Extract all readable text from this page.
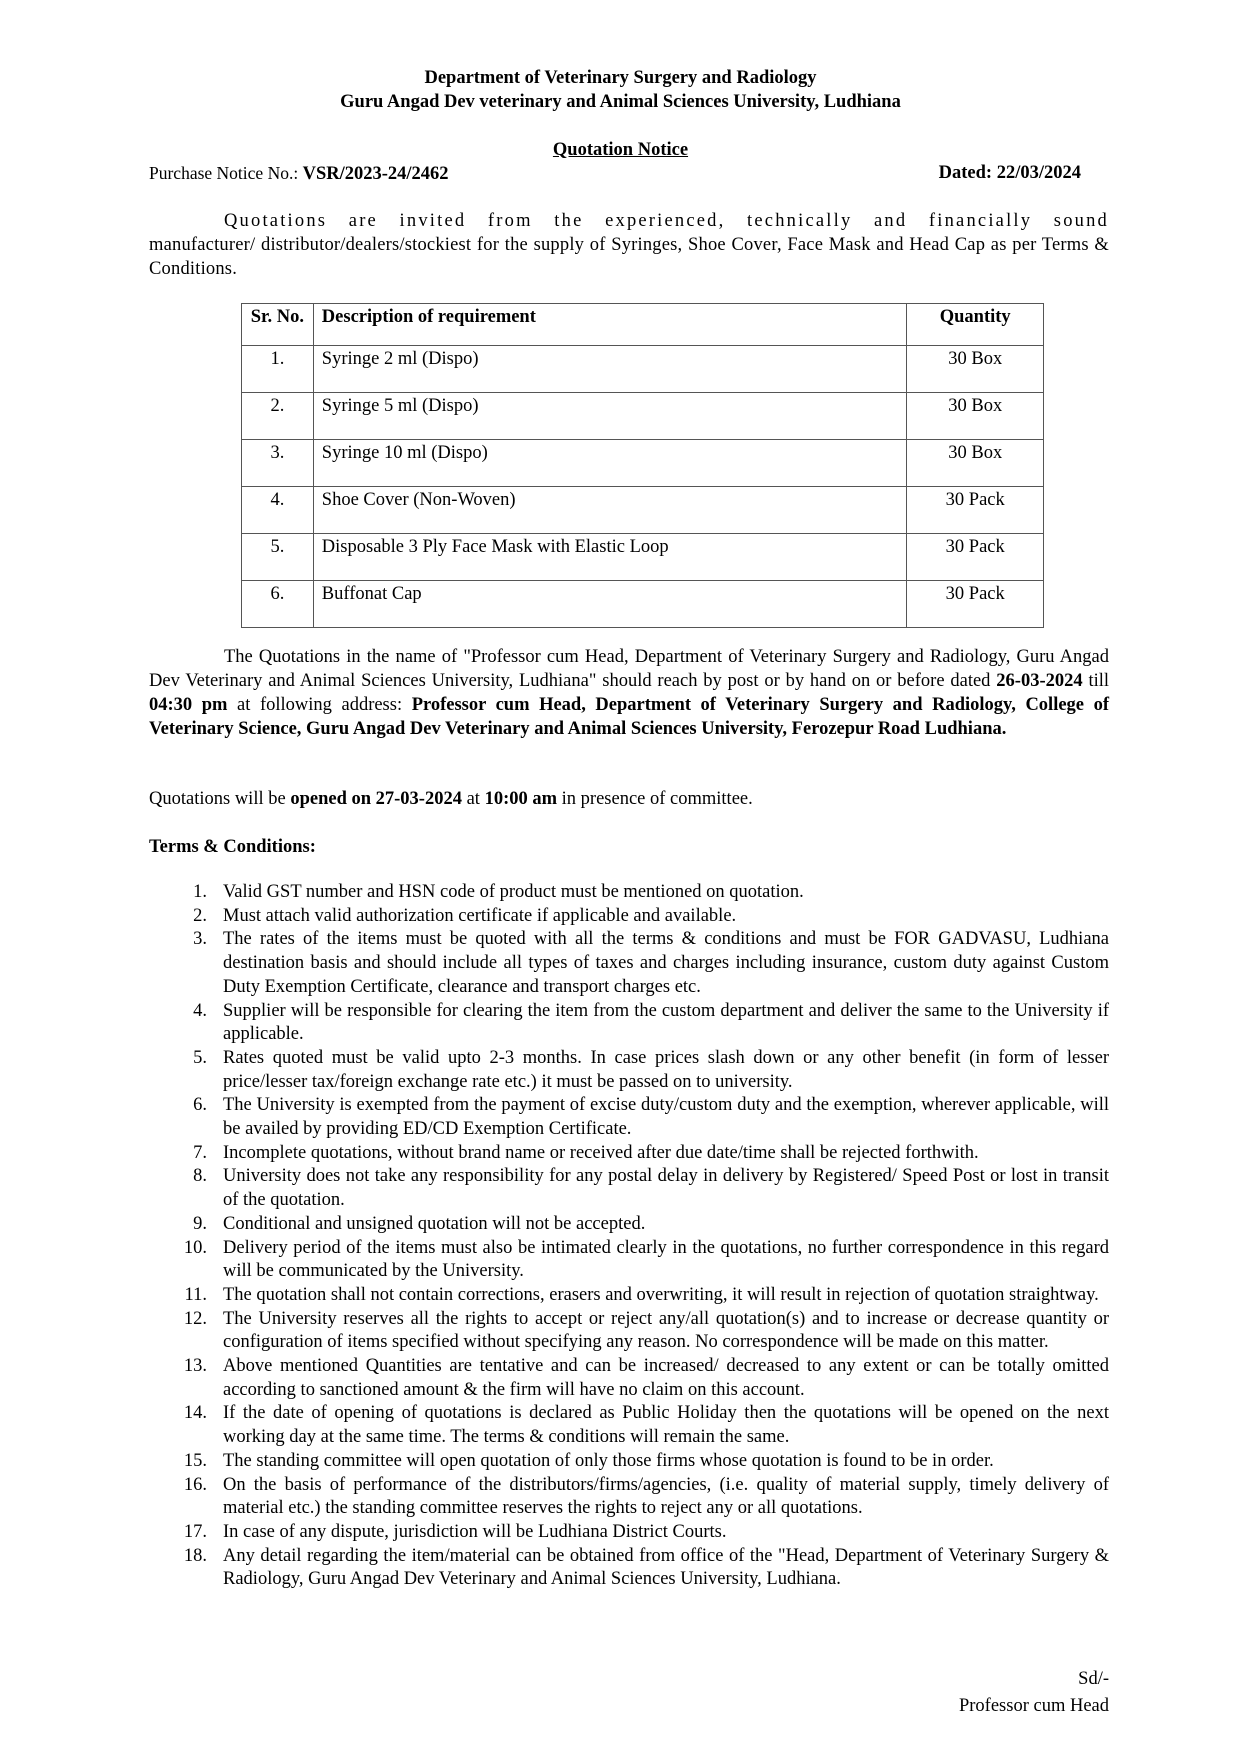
Department of Veterinary Surgery and Radiology
Guru Angad Dev veterinary and Animal Sciences University, Ludhiana
Quotation Notice
Purchase Notice No.: VSR/2023-24/2462	Dated: 22/03/2024
Quotations are invited from the experienced, technically and financially sound manufacturer/ distributor/dealers/stockiest for the supply of Syringes, Shoe Cover, Face Mask and Head Cap as per Terms & Conditions.
Sr. No.	Description of requirement	Quantity
1.	Syringe 2 ml (Dispo)	30 Box
2.	Syringe 5 ml (Dispo)	30 Box
3.	Syringe 10 ml (Dispo)	30 Box
4.	Shoe Cover (Non-Woven)	30 Pack
5.	Disposable 3 Ply Face Mask with Elastic Loop	30 Pack
6.	Buffonat Cap	30 Pack
The Quotations in the name of "Professor cum Head, Department of Veterinary Surgery and Radiology, Guru Angad Dev Veterinary and Animal Sciences University, Ludhiana" should reach by post or by hand on or before dated 26-03-2024 till 04:30 pm at following address: Professor cum Head, Department of Veterinary Surgery and Radiology, College of Veterinary Science, Guru Angad Dev Veterinary and Animal Sciences University, Ferozepur Road Ludhiana.
Quotations will be opened on 27-03-2024 at 10:00 am in presence of committee.
Terms & Conditions:
1. Valid GST number and HSN code of product must be mentioned on quotation.
2. Must attach valid authorization certificate if applicable and available.
3. The rates of the items must be quoted with all the terms & conditions and must be FOR GADVASU, Ludhiana destination basis and should include all types of taxes and charges including insurance, custom duty against Custom Duty Exemption Certificate, clearance and transport charges etc.
4. Supplier will be responsible for clearing the item from the custom department and deliver the same to the University if applicable.
5. Rates quoted must be valid upto 2-3 months. In case prices slash down or any other benefit (in form of lesser price/lesser tax/foreign exchange rate etc.) it must be passed on to university.
6. The University is exempted from the payment of excise duty/custom duty and the exemption, wherever applicable, will be availed by providing ED/CD Exemption Certificate.
7. Incomplete quotations, without brand name or received after due date/time shall be rejected forthwith.
8. University does not take any responsibility for any postal delay in delivery by Registered/ Speed Post or lost in transit of the quotation.
9. Conditional and unsigned quotation will not be accepted.
10. Delivery period of the items must also be intimated clearly in the quotations, no further correspondence in this regard will be communicated by the University.
11. The quotation shall not contain corrections, erasers and overwriting, it will result in rejection of quotation straightway.
12. The University reserves all the rights to accept or reject any/all quotation(s) and to increase or decrease quantity or configuration of items specified without specifying any reason. No correspondence will be made on this matter.
13. Above mentioned Quantities are tentative and can be increased/ decreased to any extent or can be totally omitted according to sanctioned amount & the firm will have no claim on this account.
14. If the date of opening of quotations is declared as Public Holiday then the quotations will be opened on the next working day at the same time. The terms & conditions will remain the same.
15. The standing committee will open quotation of only those firms whose quotation is found to be in order.
16. On the basis of performance of the distributors/firms/agencies, (i.e. quality of material supply, timely delivery of material etc.) the standing committee reserves the rights to reject any or all quotations.
17. In case of any dispute, jurisdiction will be Ludhiana District Courts.
18. Any detail regarding the item/material can be obtained from office of the "Head, Department of Veterinary Surgery & Radiology, Guru Angad Dev Veterinary and Animal Sciences University, Ludhiana.
Sd/-
Professor cum Head
